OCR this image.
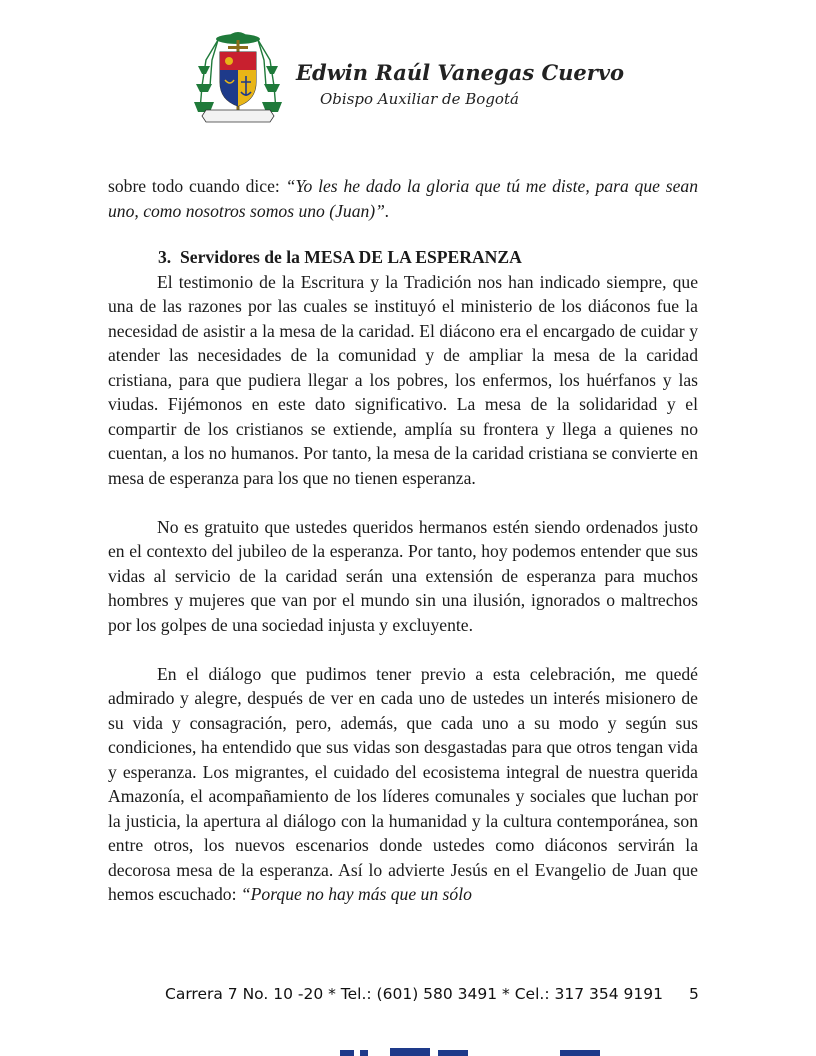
Edwin Raúl Vanegas Cuervo
Obispo Auxiliar de Bogotá

sobre todo cuando dice: “Yo les he dado la gloria que tú me diste, para que sean uno, como nosotros somos uno (Juan)”.

3. Servidores de la MESA DE LA ESPERANZA

El testimonio de la Escritura y la Tradición nos han indicado siempre, que una de las razones por las cuales se instituyó el ministerio de los diáconos fue la necesidad de asistir a la mesa de la caridad. El diácono era el encargado de cuidar y atender las necesidades de la comunidad y de ampliar la mesa de la caridad cristiana, para que pudiera llegar a los pobres, los enfermos, los huérfanos y las viudas. Fijémonos en este dato significativo. La mesa de la solidaridad y el compartir de los cristianos se extiende, amplía su frontera y llega a quienes no cuentan, a los no humanos. Por tanto, la mesa de la caridad cristiana se convierte en mesa de esperanza para los que no tienen esperanza.

No es gratuito que ustedes queridos hermanos estén siendo ordenados justo en el contexto del jubileo de la esperanza. Por tanto, hoy podemos entender que sus vidas al servicio de la caridad serán una extensión de esperanza para muchos hombres y mujeres que van por el mundo sin una ilusión, ignorados o maltrechos por los golpes de una sociedad injusta y excluyente.

En el diálogo que pudimos tener previo a esta celebración, me quedé admirado y alegre, después de ver en cada uno de ustedes un interés misionero de su vida y consagración, pero, además, que cada uno a su modo y según sus condiciones, ha entendido que sus vidas son desgastadas para que otros tengan vida y esperanza. Los migrantes, el cuidado del ecosistema integral de nuestra querida Amazonía, el acompañamiento de los líderes comunales y sociales que luchan por la justicia, la apertura al diálogo con la humanidad y la cultura contemporánea, son entre otros, los nuevos escenarios donde ustedes como diáconos servirán la decorosa mesa de la esperanza. Así lo advierte Jesús en el Evangelio de Juan que hemos escuchado: “Porque no hay más que un sólo

Carrera 7 No. 10 -20 * Tel.: (601) 580 3491 * Cel.: 317 354 9191	5
